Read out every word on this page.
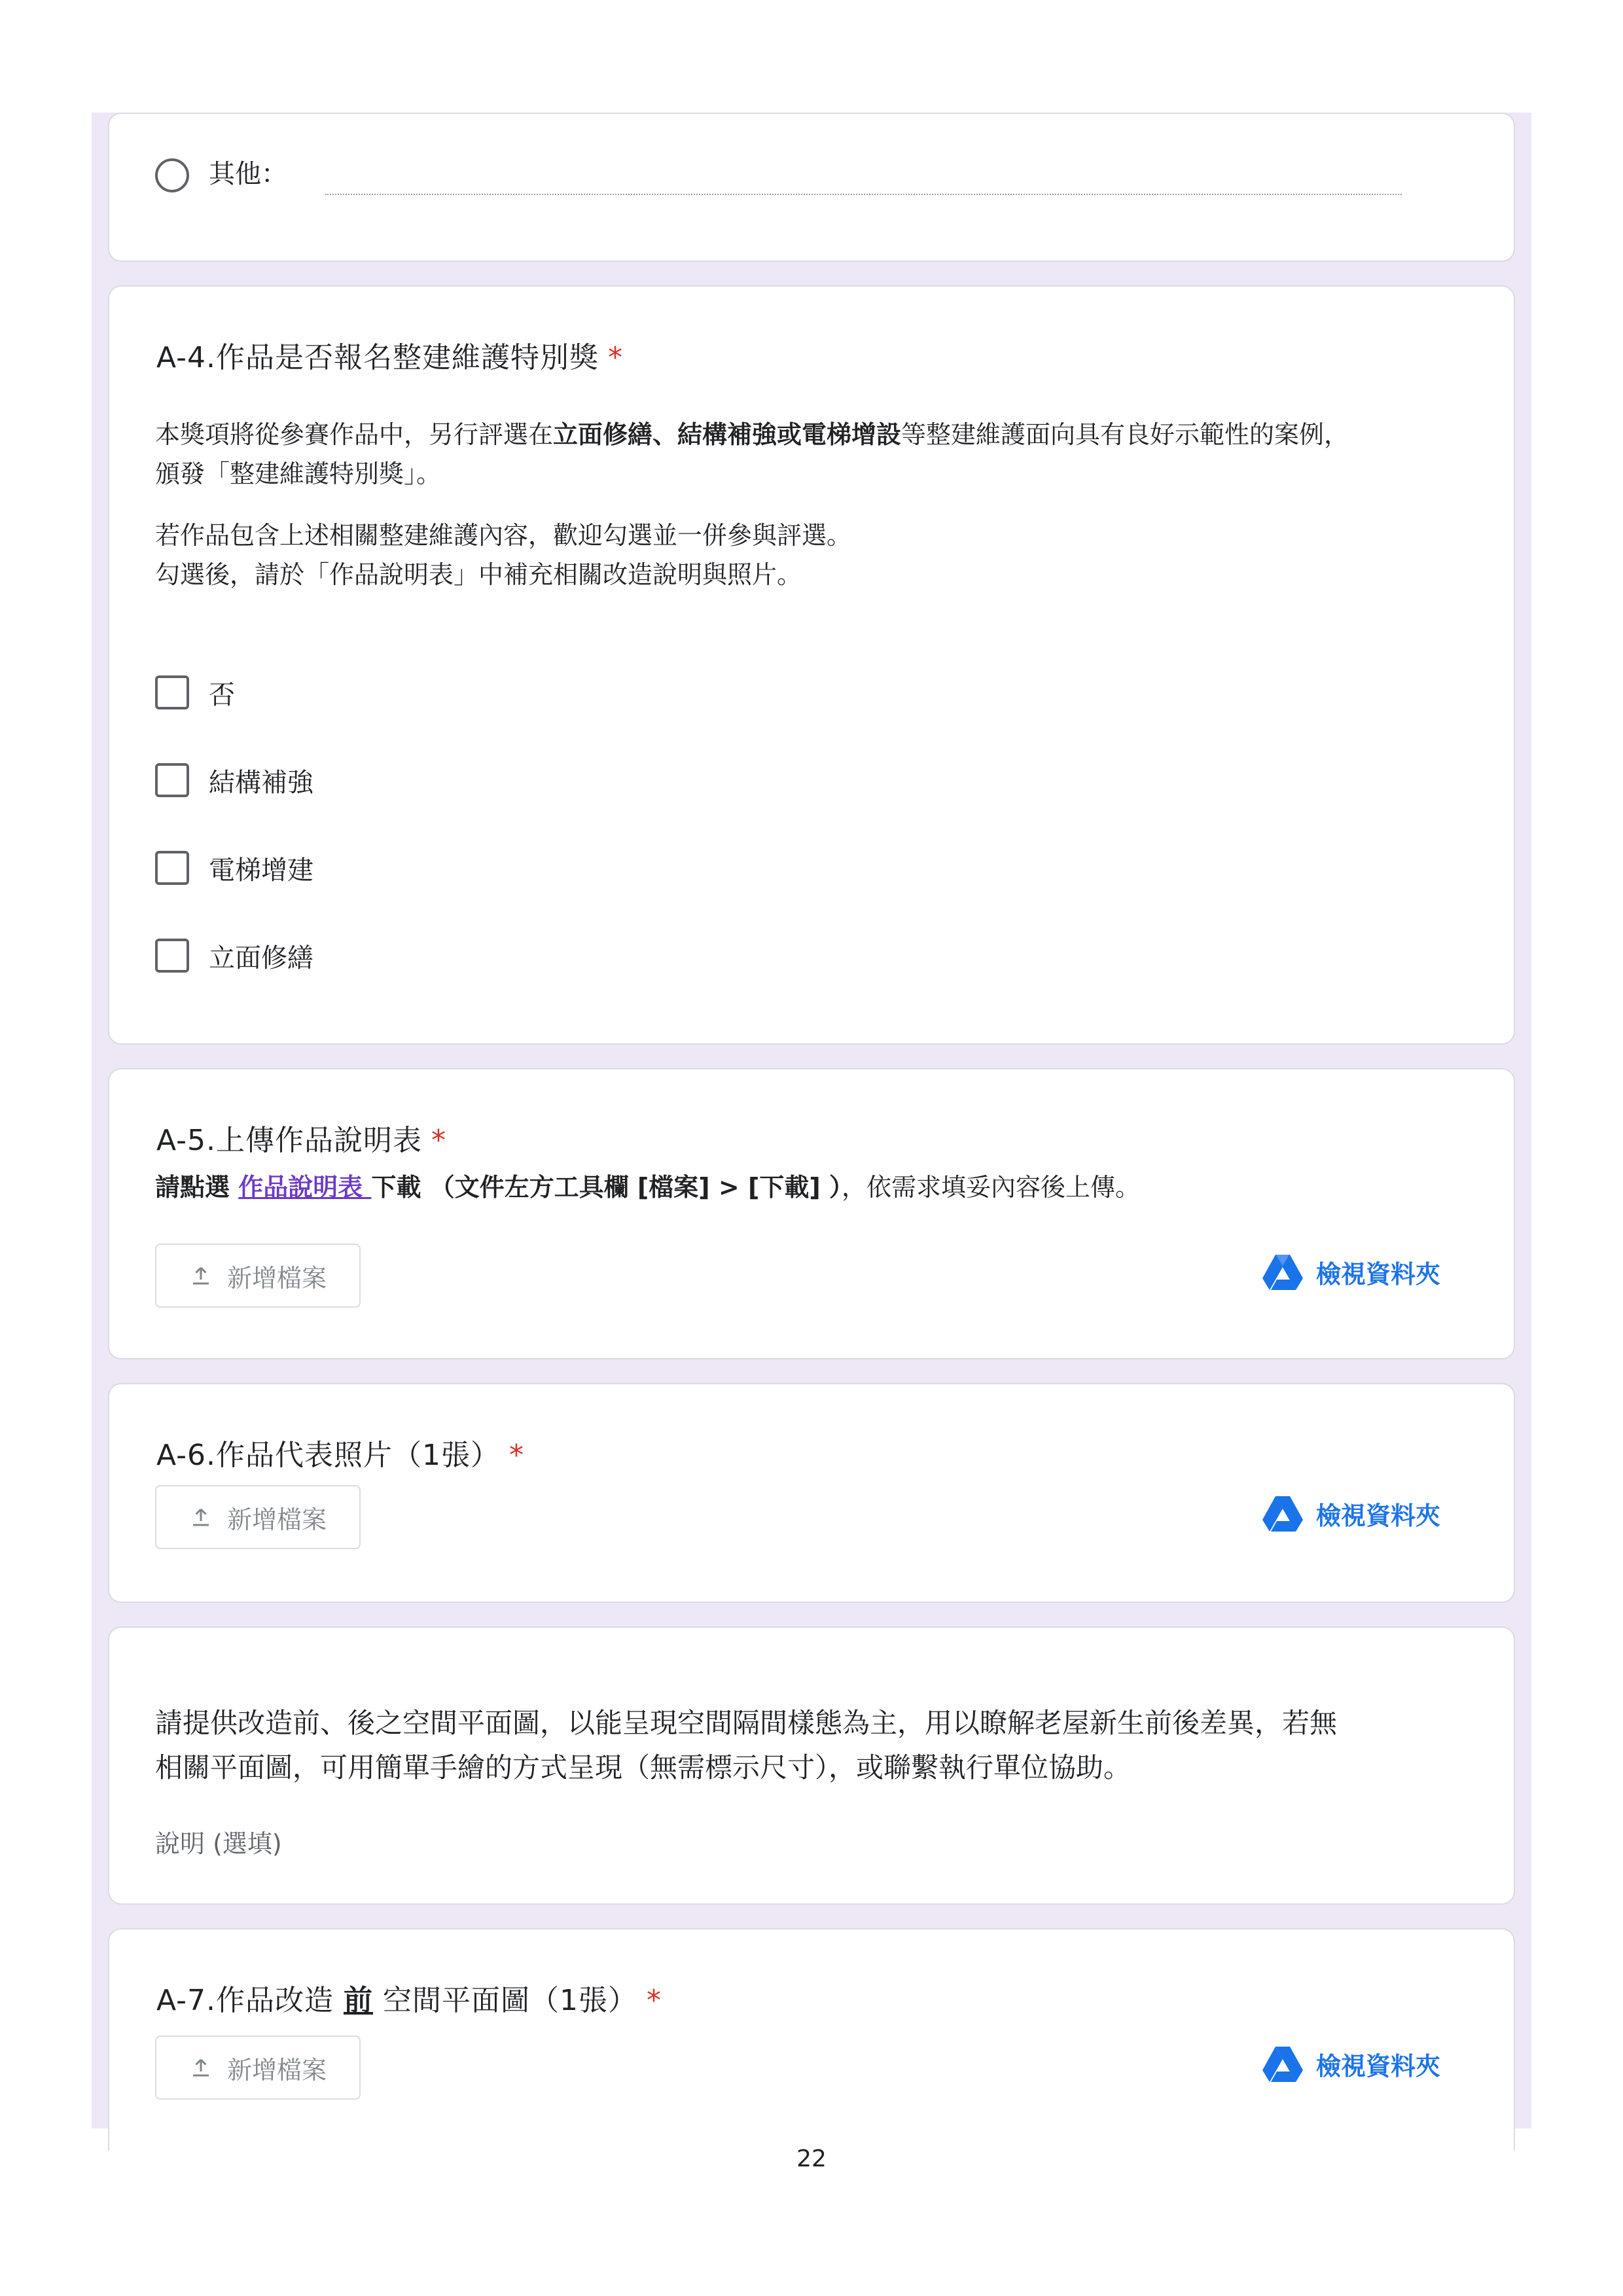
其他：
A-4.作品是否報名整建維護特別獎 *
本獎項將從參賽作品中，另行評選在立面修繕、結構補強或電梯增設等整建維護面向具有良好示範性的案例，
頒發「整建維護特別獎」。
若作品包含上述相關整建維護內容，歡迎勾選並一併參與評選。
勾選後，請於「作品說明表」中補充相關改造說明與照片。
否
結構補強
電梯增建
立面修繕
A-5.上傳作品說明表 *
請點選 作品說明表 下載 （文件左方工具欄 [檔案] > [下載] ），依需求填妥內容後上傳。
新增檔案	檢視資料夾
A-6.作品代表照片（1張） *
新增檔案	檢視資料夾
請提供改造前、後之空間平面圖，以能呈現空間隔間樣態為主，用以瞭解老屋新生前後差異，若無
相關平面圖，可用簡單手繪的方式呈現（無需標示尺寸），或聯繫執行單位協助。
說明 (選填)
A-7.作品改造 前 空間平面圖（1張） *
新增檔案	檢視資料夾
22
